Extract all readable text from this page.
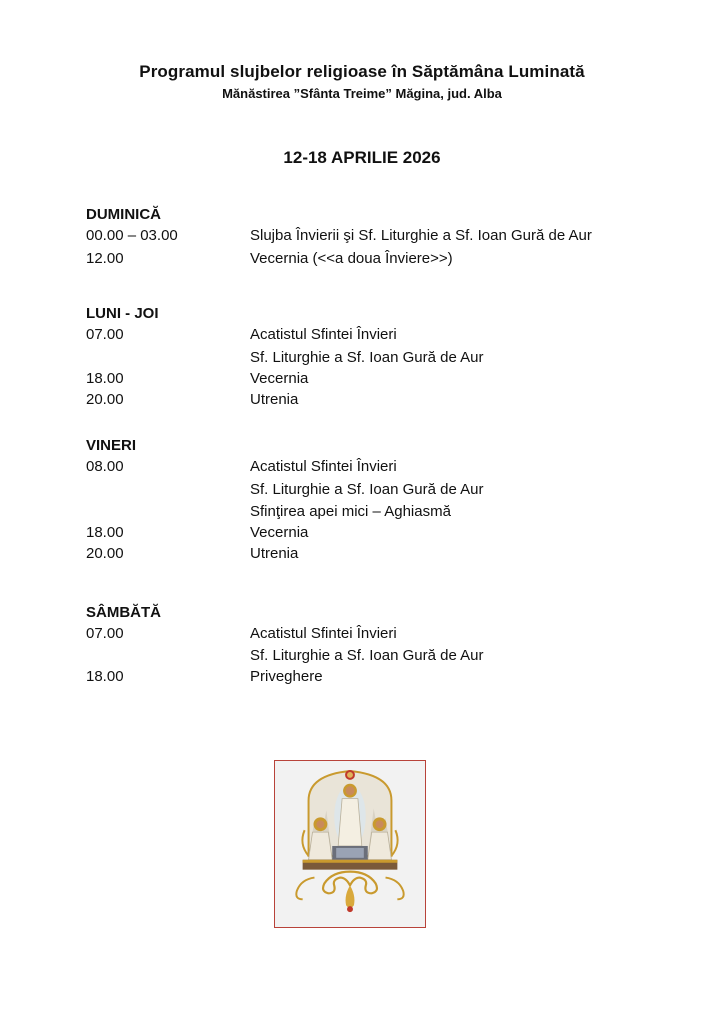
Programul slujbelor religioase în Săptămâna Luminată
Mănăstirea ”Sfânta Treime” Măgina, jud. Alba
12-18 APRILIE 2026
DUMINICĂ
00.00 – 03.00	Slujba Învierii şi Sf. Liturghie a Sf. Ioan Gură de Aur
12.00	Vecernia (<<a doua Înviere>>)
LUNI - JOI
07.00	Acatistul Sfintei Învieri
Sf. Liturghie a Sf. Ioan Gură de Aur
18.00	Vecernia
20.00	Utrenia
VINERI
08.00	Acatistul Sfintei Învieri
Sf. Liturghie a Sf. Ioan Gură de Aur
Sfinţirea apei mici – Aghiasmă
18.00	Vecernia
20.00	Utrenia
SÂMBĂTĂ
07.00	Acatistul Sfintei Învieri
Sf. Liturghie a Sf. Ioan Gură de Aur
18.00	Priveghere
